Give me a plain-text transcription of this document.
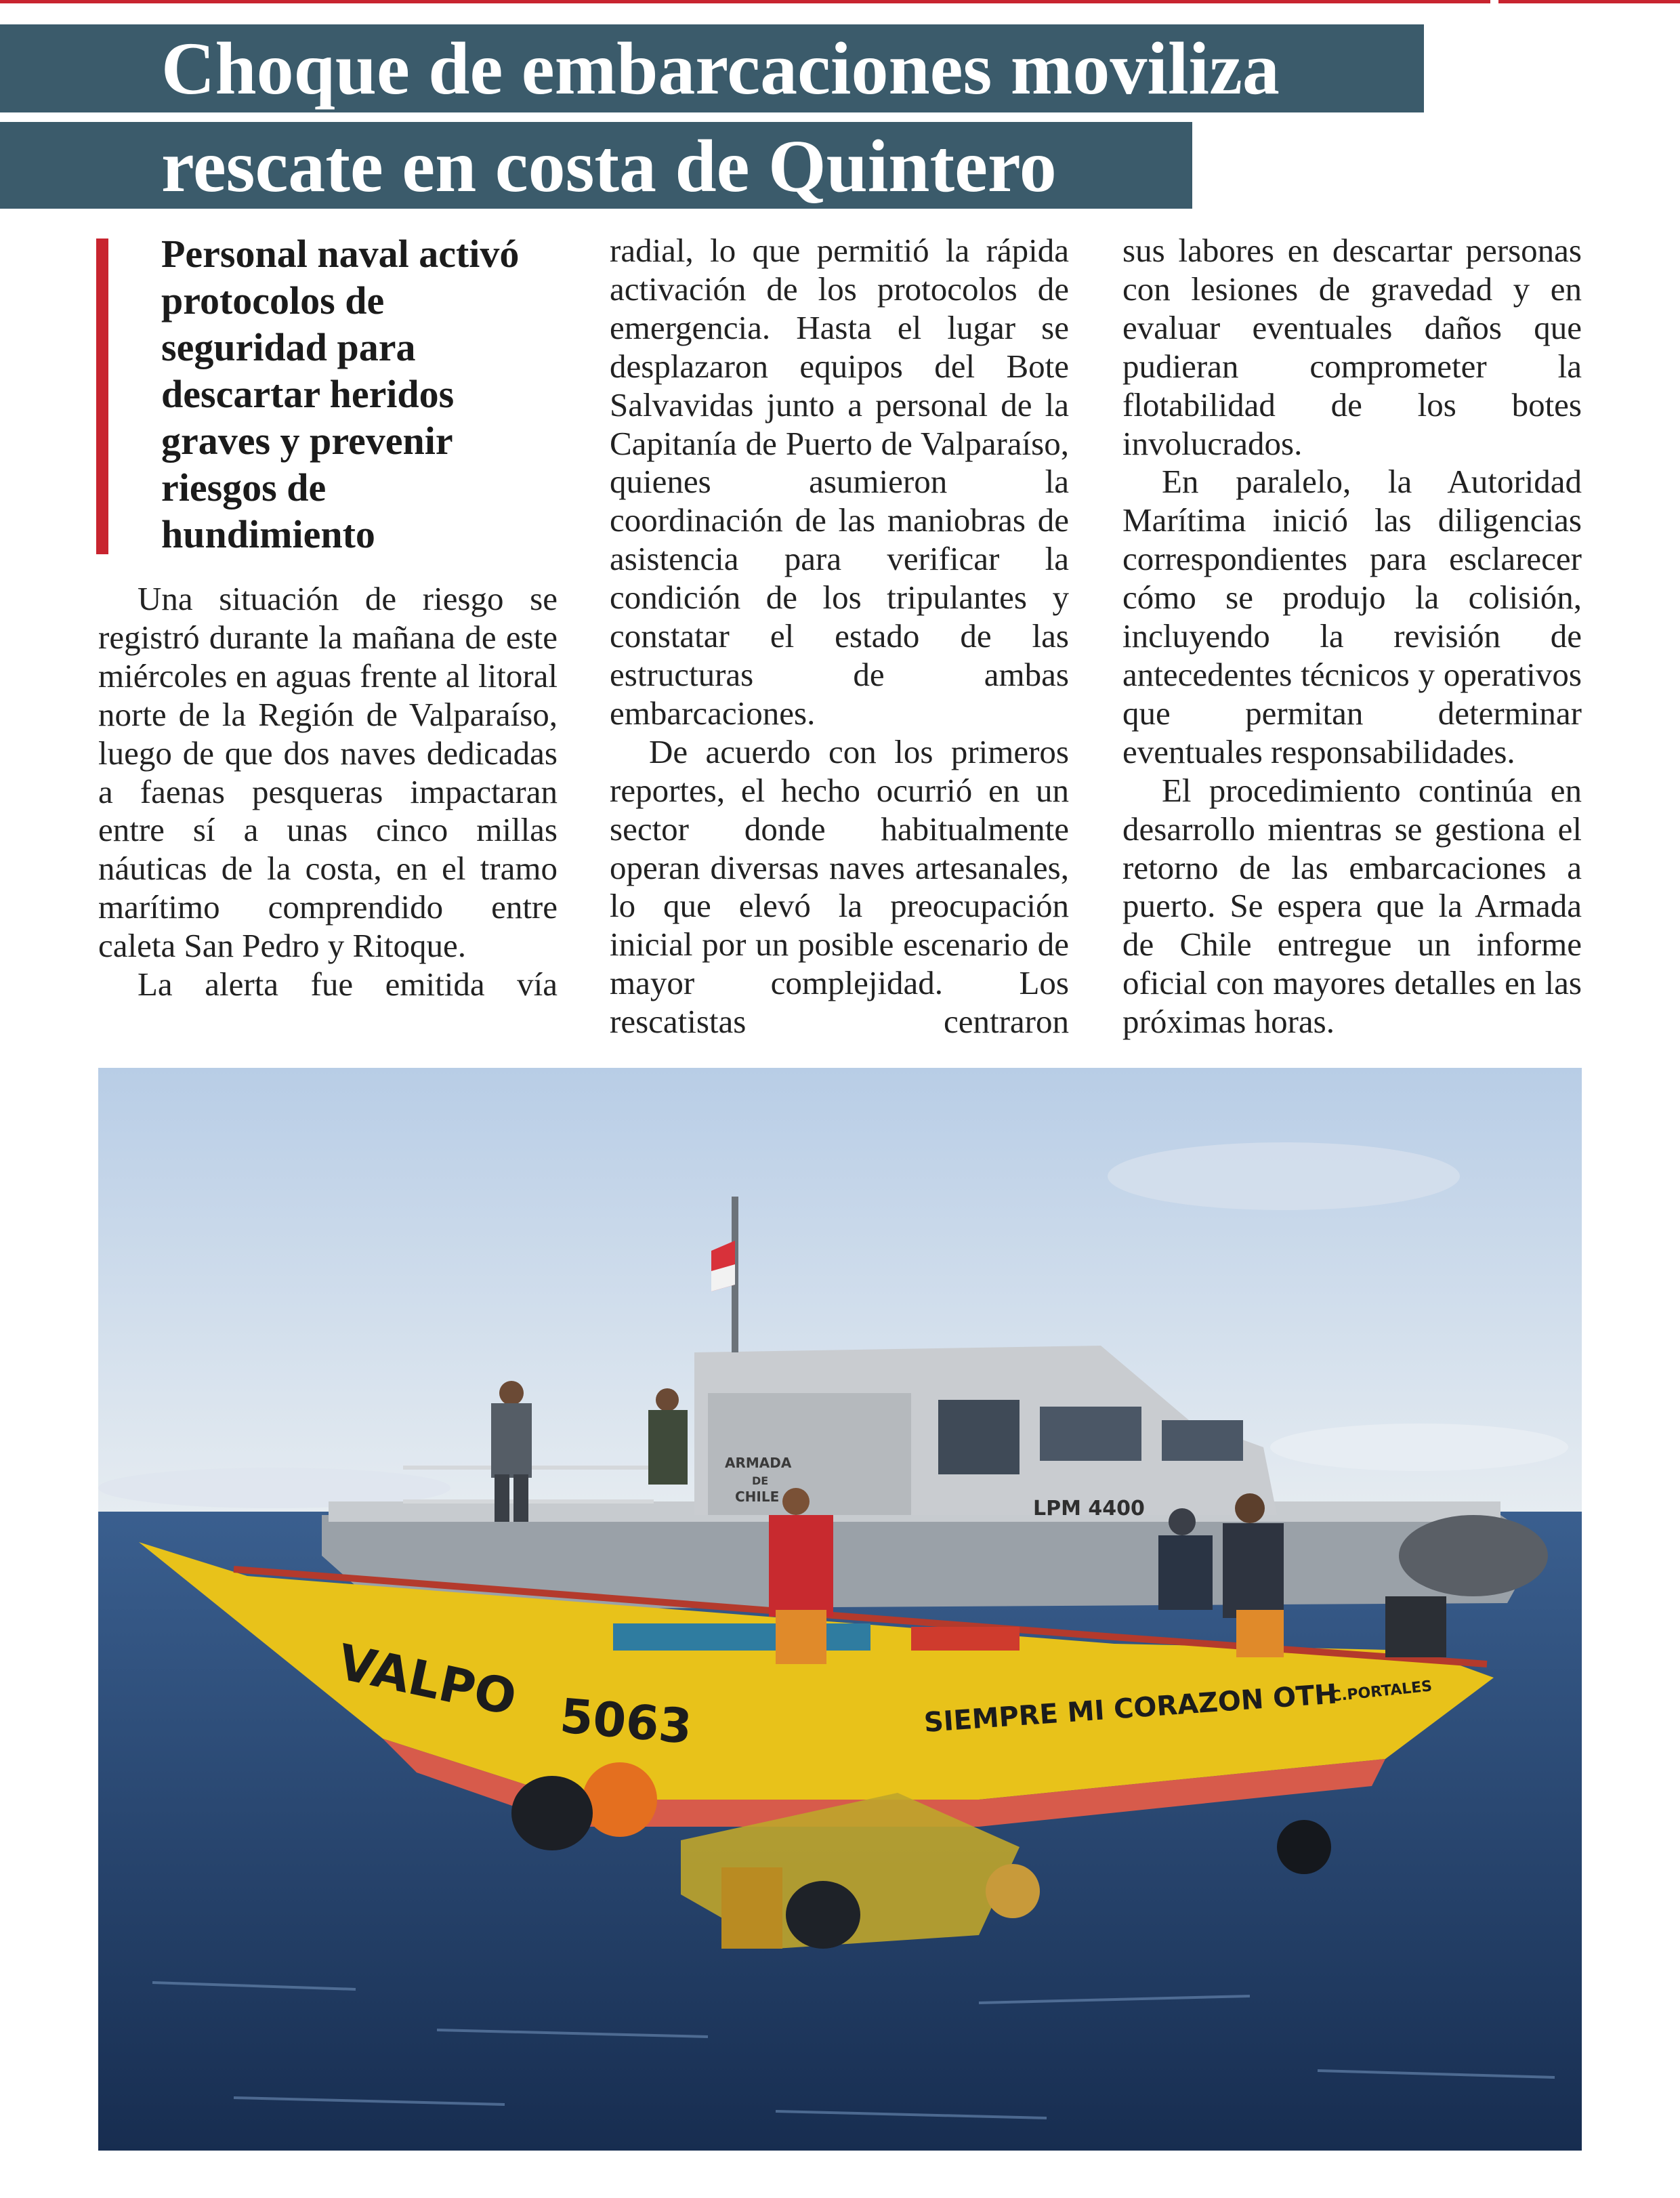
Choque de embarcaciones moviliza
rescate en costa de Quintero
Personal naval activó protocolos de seguridad para descartar heridos graves y prevenir riesgos de hundimiento

Una situación de riesgo se registró durante la mañana de este miércoles en aguas frente al litoral norte de la Región de Valparaíso, luego de que dos naves dedicadas a faenas pesqueras impactaran entre sí a unas cinco millas náuticas de la costa, en el tramo marítimo comprendido entre caleta San Pedro y Ritoque.

La alerta fue emitida vía

radial, lo que permitió la rápida activación de los protocolos de emergencia. Hasta el lugar se desplazaron equipos del Bote Salvavidas junto a personal de la Capitanía de Puerto de Valparaíso, quienes asumieron la coordinación de las maniobras de asistencia para verificar la condición de los tripulantes y constatar el estado de las estructuras de ambas embarcaciones.

De acuerdo con los primeros reportes, el hecho ocurrió en un sector donde habitualmente operan diversas naves artesanales, lo que elevó la preocupación inicial por un posible escenario de mayor complejidad. Los rescatistas centraron

sus labores en descartar personas con lesiones de gravedad y en evaluar eventuales daños que pudieran comprometer la flotabilidad de los botes involucrados.

En paralelo, la Autoridad Marítima inició las diligencias correspondientes para esclarecer cómo se produjo la colisión, incluyendo la revisión de antecedentes técnicos y operativos que permitan determinar eventuales responsabilidades.

El procedimiento continúa en desarrollo mientras se gestiona el retorno de las embarcaciones a puerto. Se espera que la Armada de Chile entregue un informe oficial con mayores detalles en las próximas horas.

ARMADA
DE
CHILE	LPM 4400
VALPO 5063	SIEMPRE MI CORAZON OTH
C.PORTALES
